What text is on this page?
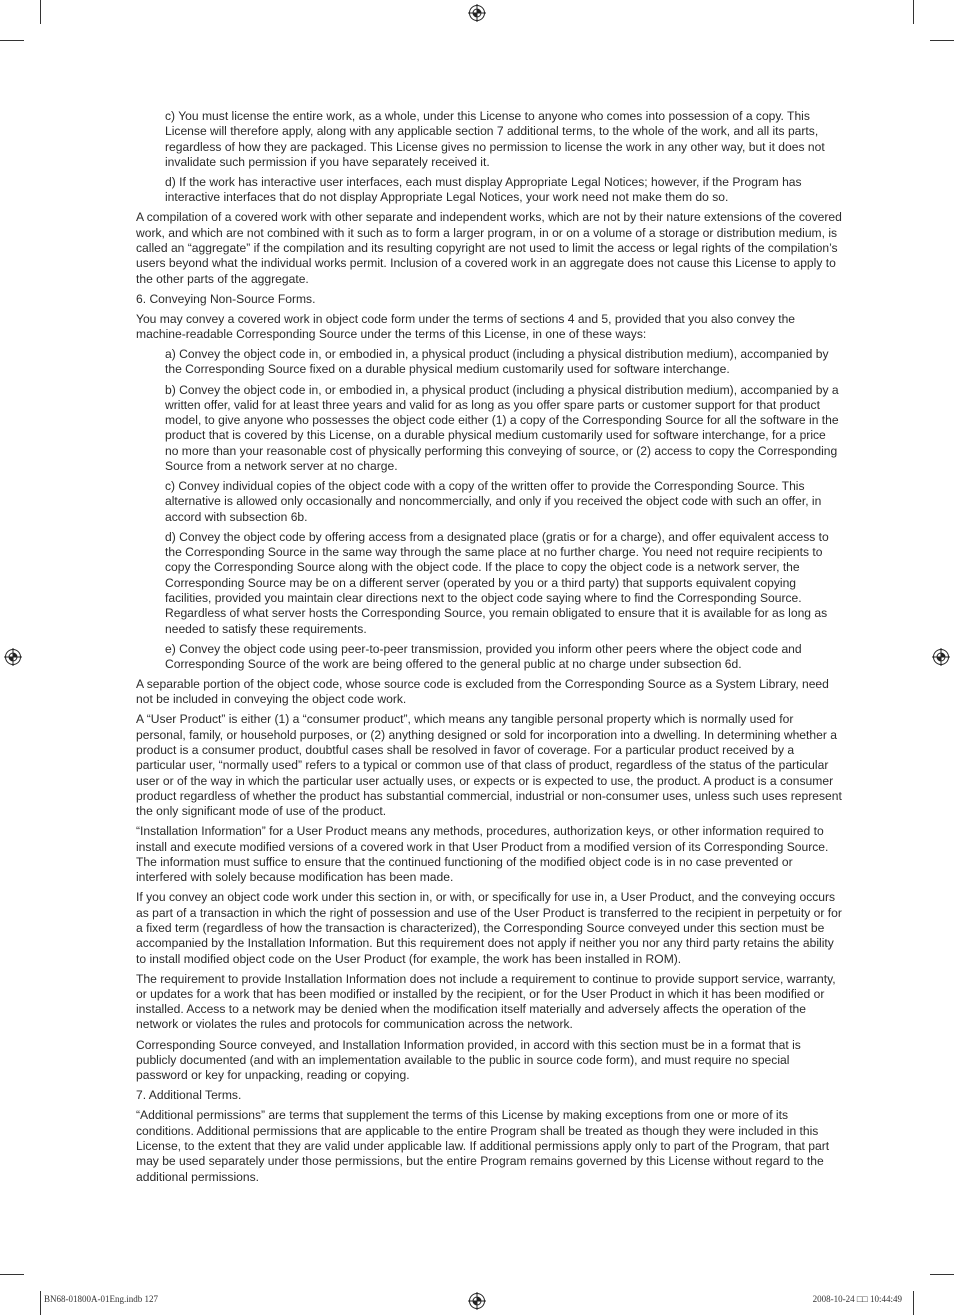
c) You must license the entire work, as a whole, under this License to anyone who comes into possession of a copy. This License will therefore apply, along with any applicable section 7 additional terms, to the whole of the work, and all its parts, regardless of how they are packaged. This License gives no permission to license the work in any other way, but it does not invalidate such permission if you have separately received it.

d) If the work has interactive user interfaces, each must display Appropriate Legal Notices; however, if the Program has interactive interfaces that do not display Appropriate Legal Notices, your work need not make them do so.

A compilation of a covered work with other separate and independent works, which are not by their nature extensions of the covered work, and which are not combined with it such as to form a larger program, in or on a volume of a storage or distribution medium, is called an “aggregate” if the compilation and its resulting copyright are not used to limit the access or legal rights of the compilation’s users beyond what the individual works permit. Inclusion of a covered work in an aggregate does not cause this License to apply to the other parts of the aggregate.

6. Conveying Non-Source Forms.

You may convey a covered work in object code form under the terms of sections 4 and 5, provided that you also convey the machine-readable Corresponding Source under the terms of this License, in one of these ways:

a) Convey the object code in, or embodied in, a physical product (including a physical distribution medium), accompanied by the Corresponding Source fixed on a durable physical medium customarily used for software interchange.

b) Convey the object code in, or embodied in, a physical product (including a physical distribution medium), accompanied by a written offer, valid for at least three years and valid for as long as you offer spare parts or customer support for that product model, to give anyone who possesses the object code either (1) a copy of the Corresponding Source for all the software in the product that is covered by this License, on a durable physical medium customarily used for software interchange, for a price no more than your reasonable cost of physically performing this conveying of source, or (2) access to copy the Corresponding Source from a network server at no charge.

c) Convey individual copies of the object code with a copy of the written offer to provide the Corresponding Source. This alternative is allowed only occasionally and noncommercially, and only if you received the object code with such an offer, in accord with subsection 6b.

d) Convey the object code by offering access from a designated place (gratis or for a charge), and offer equivalent access to the Corresponding Source in the same way through the same place at no further charge. You need not require recipients to copy the Corresponding Source along with the object code. If the place to copy the object code is a network server, the Corresponding Source may be on a different server (operated by you or a third party) that supports equivalent copying facilities, provided you maintain clear directions next to the object code saying where to find the Corresponding Source. Regardless of what server hosts the Corresponding Source, you remain obligated to ensure that it is available for as long as needed to satisfy these requirements.

e) Convey the object code using peer-to-peer transmission, provided you inform other peers where the object code and Corresponding Source of the work are being offered to the general public at no charge under subsection 6d.

A separable portion of the object code, whose source code is excluded from the Corresponding Source as a System Library, need not be included in conveying the object code work.

A “User Product” is either (1) a “consumer product”, which means any tangible personal property which is normally used for personal, family, or household purposes, or (2) anything designed or sold for incorporation into a dwelling. In determining whether a product is a consumer product, doubtful cases shall be resolved in favor of coverage. For a particular product received by a particular user, “normally used” refers to a typical or common use of that class of product, regardless of the status of the particular user or of the way in which the particular user actually uses, or expects or is expected to use, the product. A product is a consumer product regardless of whether the product has substantial commercial, industrial or non-consumer uses, unless such uses represent the only significant mode of use of the product.

“Installation Information” for a User Product means any methods, procedures, authorization keys, or other information required to install and execute modified versions of a covered work in that User Product from a modified version of its Corresponding Source. The information must suffice to ensure that the continued functioning of the modified object code is in no case prevented or interfered with solely because modification has been made.

If you convey an object code work under this section in, or with, or specifically for use in, a User Product, and the conveying occurs as part of a transaction in which the right of possession and use of the User Product is transferred to the recipient in perpetuity or for a fixed term (regardless of how the transaction is characterized), the Corresponding Source conveyed under this section must be accompanied by the Installation Information. But this requirement does not apply if neither you nor any third party retains the ability to install modified object code on the User Product (for example, the work has been installed in ROM).

The requirement to provide Installation Information does not include a requirement to continue to provide support service, warranty, or updates for a work that has been modified or installed by the recipient, or for the User Product in which it has been modified or installed. Access to a network may be denied when the modification itself materially and adversely affects the operation of the network or violates the rules and protocols for communication across the network.

Corresponding Source conveyed, and Installation Information provided, in accord with this section must be in a format that is publicly documented (and with an implementation available to the public in source code form), and must require no special password or key for unpacking, reading or copying.

7. Additional Terms.

“Additional permissions” are terms that supplement the terms of this License by making exceptions from one or more of its conditions. Additional permissions that are applicable to the entire Program shall be treated as though they were included in this License, to the extent that they are valid under applicable law. If additional permissions apply only to part of the Program, that part may be used separately under those permissions, but the entire Program remains governed by this License without regard to the additional permissions.

BN68-01800A-01Eng.indb 127	2008-10-24 □□ 10:44:49
